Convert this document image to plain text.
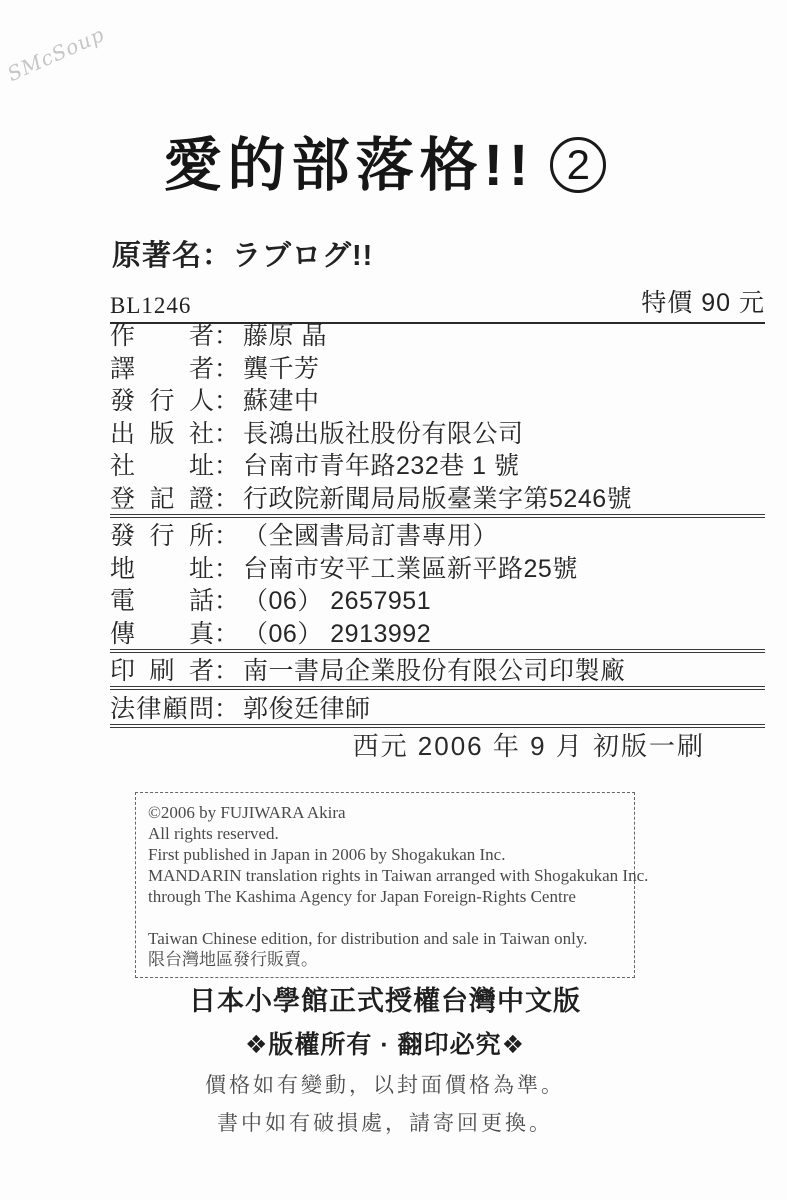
SMcSoup
愛的部落格!! 2
原著名：ラブログ!!
BL1246	特價 90 元
作 者 ： 藤原 晶
譯 者 ： 龔千芳
發 行 人 ： 蘇建中
出 版 社 ： 長鴻出版社股份有限公司
社 址 ： 台南市青年路232巷 1 號
登 記 證 ： 行政院新聞局局版臺業字第5246號
發 行 所 ： （全國書局訂書專用）
地 址 ： 台南市安平工業區新平路25號
電 話 ： （06） 2657951
傳 真 ： （06） 2913992
印 刷 者 ： 南一書局企業股份有限公司印製廠
法 律 顧 問 ： 郭俊廷律師
西元 2006 年 9 月 初版一刷
©2006 by FUJIWARA Akira
All rights reserved.
First published in Japan in 2006 by Shogakukan Inc.
MANDARIN translation rights in Taiwan arranged with Shogakukan Inc.
through The Kashima Agency for Japan Foreign-Rights Centre
Taiwan Chinese edition, for distribution and sale in Taiwan only.
限台灣地區發行販賣。
日本小學館正式授權台灣中文版
❖版權所有 · 翻印必究❖
價格如有變動，以封面價格為準。
書中如有破損處，請寄回更換。
